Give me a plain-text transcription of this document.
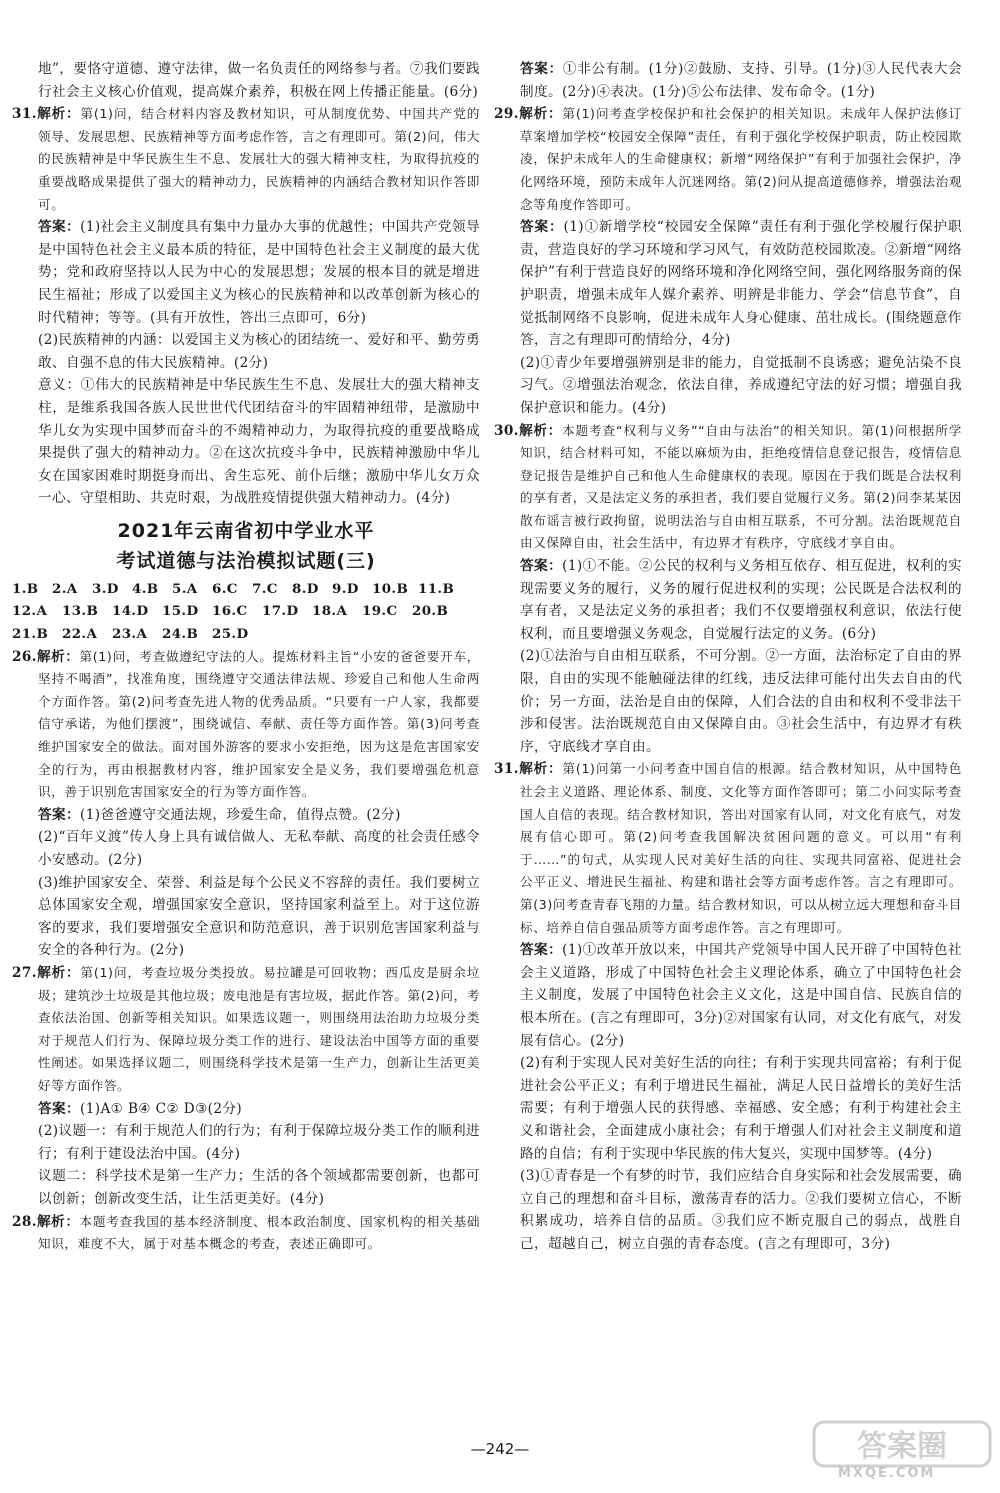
地”，要恪守道德、遵守法律，做一名负责任的网络参与者。⑦我们要践行社会主义核心价值观，提高媒介素养，积极在网上传播正能量。(6分)

31.解析：第(1)问，结合材料内容及教材知识，可从制度优势、中国共产党的领导、发展思想、民族精神等方面考虑作答，言之有理即可。第(2)问，伟大的民族精神是中华民族生生不息、发展壮大的强大精神支柱，为取得抗疫的重要战略成果提供了强大的精神动力，民族精神的内涵结合教材知识作答即可。

答案：(1)社会主义制度具有集中力量办大事的优越性；中国共产党领导是中国特色社会主义最本质的特征，是中国特色社会主义制度的最大优势；党和政府坚持以人民为中心的发展思想；发展的根本目的就是增进民生福祉；形成了以爱国主义为核心的民族精神和以改革创新为核心的时代精神；等等。(具有开放性，答出三点即可，6分)

(2)民族精神的内涵：以爱国主义为核心的团结统一、爱好和平、勤劳勇敢、自强不息的伟大民族精神。(2分)

意义：①伟大的民族精神是中华民族生生不息、发展壮大的强大精神支柱，是维系我国各族人民世世代代团结奋斗的牢固精神纽带，是激励中华儿女为实现中国梦而奋斗的不竭精神动力，为取得抗疫的重要战略成果提供了强大的精神动力。②在这次抗疫斗争中，民族精神激励中华儿女在国家困难时期挺身而出、舍生忘死、前仆后继；激励中华儿女万众一心、守望相助、共克时艰，为战胜疫情提供强大精神动力。(4分)

2021年云南省初中学业水平
考试道德与法治模拟试题(三)
1.B	2.A	3.D 4.B	5.A	6.C	7.C	8.D 9.D 10.B 11.B
12.A	13.B	14.D	15.D	16.C	17.D	18.A	19.C	20.B
21.B	22.A	23.A	24.B	25.D

26.解析：第(1)问，考查做遵纪守法的人。提炼材料主旨“小安的爸爸要开车，坚持不喝酒”，找准角度，围绕遵守交通法律法规、珍爱自己和他人生命两个方面作答。第(2)问考查先进人物的优秀品质。“只要有一户人家，我都要信守承诺，为他们摆渡”，围绕诚信、奉献、责任等方面作答。第(3)问考查维护国家安全的做法。面对国外游客的要求小安拒绝，因为这是危害国家安全的行为，再由根据教材内容，维护国家安全是义务，我们要增强危机意识，善于识别危害国家安全的行为等方面作答。

答案：(1)爸爸遵守交通法规，珍爱生命，值得点赞。(2分)

(2)“百年义渡”传人身上具有诚信做人、无私奉献、高度的社会责任感令小安感动。(2分)

(3)维护国家安全、荣誉、利益是每个公民义不容辞的责任。我们要树立总体国家安全观，增强国家安全意识，坚持国家利益至上。对于这位游客的要求，我们要增强安全意识和防范意识，善于识别危害国家利益与安全的各种行为。(2分)

27.解析：第(1)问，考查垃圾分类投放。易拉罐是可回收物；西瓜皮是厨余垃圾；建筑沙土垃圾是其他垃圾；废电池是有害垃圾，据此作答。第(2)问，考查依法治国、创新等相关知识。如果选议题一，则围绕用法治助力垃圾分类对于规范人们行为、保障垃圾分类工作的进行、建设法治中国等方面的重要性阐述。如果选择议题二，则围绕科学技术是第一生产力，创新让生活更美好等方面作答。

答案：(1)A① B④ C② D③(2分)

(2)议题一：有利于规范人们的行为；有利于保障垃圾分类工作的顺利进行；有利于建设法治中国。(4分)

议题二：科学技术是第一生产力；生活的各个领域都需要创新，也都可以创新；创新改变生活，让生活更美好。(4分)

28.解析：本题考查我国的基本经济制度、根本政治制度、国家机构的相关基础知识，难度不大，属于对基本概念的考查，表述正确即可。

答案：①非公有制。(1分)②鼓励、支持、引导。(1分)③人民代表大会制度。(2分)④表决。(1分)⑤公布法律、发布命令。(1分)

29.解析：第(1)问考查学校保护和社会保护的相关知识。未成年人保护法修订草案增加学校“校园安全保障”责任，有利于强化学校保护职责，防止校园欺凌，保护未成年人的生命健康权；新增“网络保护”有利于加强社会保护，净化网络环境，预防未成年人沉迷网络。第(2)问从提高道德修养，增强法治观念等角度作答即可。

答案：(1)①新增学校“校园安全保障”责任有利于强化学校履行保护职责，营造良好的学习环境和学习风气，有效防范校园欺凌。②新增“网络保护”有利于营造良好的网络环境和净化网络空间，强化网络服务商的保护职责，增强未成年人媒介素养、明辨是非能力、学会“信息节食”，自觉抵制网络不良影响，促进未成年人身心健康、茁壮成长。(围绕题意作答，言之有理即可酌情给分，4分)

(2)①青少年要增强辨别是非的能力，自觉抵制不良诱惑；避免沾染不良习气。②增强法治观念，依法自律，养成遵纪守法的好习惯；增强自我保护意识和能力。(4分)

30.解析：本题考查“权利与义务”“自由与法治”的相关知识。第(1)问根据所学知识，结合材料可知，不能以麻烦为由，拒绝疫情信息登记报告，疫情信息登记报告是维护自己和他人生命健康权的表现。原因在于我们既是合法权利的享有者，又是法定义务的承担者，我们要自觉履行义务。第(2)问李某某因散布谣言被行政拘留，说明法治与自由相互联系，不可分割。法治既规范自由又保障自由，社会生活中，有边界才有秩序，守底线才享自由。

答案：(1)①不能。②公民的权利与义务相互依存、相互促进，权利的实现需要义务的履行，义务的履行促进权利的实现；公民既是合法权利的享有者，又是法定义务的承担者；我们不仅要增强权利意识，依法行使权利，而且要增强义务观念，自觉履行法定的义务。(6分)

(2)①法治与自由相互联系，不可分割。②一方面，法治标定了自由的界限，自由的实现不能触碰法律的红线，违反法律可能付出失去自由的代价；另一方面，法治是自由的保障，人们合法的自由和权利不受非法干涉和侵害。法治既规范自由又保障自由。③社会生活中，有边界才有秩序，守底线才享自由。

31.解析：第(1)问第一小问考查中国自信的根源。结合教材知识，从中国特色社会主义道路、理论体系、制度、文化等方面作答即可；第二小问实际考查国人自信的表现。结合教材知识，答出对国家有认同，对文化有底气，对发展有信心即可。第(2)问考查我国解决贫困问题的意义。可以用“有利于……”的句式，从实现人民对美好生活的向往、实现共同富裕、促进社会公平正义、增进民生福祉、构建和谐社会等方面考虑作答。言之有理即可。第(3)问考查青春飞翔的力量。结合教材知识，可以从树立远大理想和奋斗目标、培养自信自强品质等方面考虑作答。言之有理即可。

答案：(1)①改革开放以来，中国共产党领导中国人民开辟了中国特色社会主义道路，形成了中国特色社会主义理论体系，确立了中国特色社会主义制度，发展了中国特色社会主义文化，这是中国自信、民族自信的根本所在。(言之有理即可，3分)②对国家有认同，对文化有底气，对发展有信心。(2分)

(2)有利于实现人民对美好生活的向往；有利于实现共同富裕；有利于促进社会公平正义；有利于增进民生福祉，满足人民日益增长的美好生活需要；有利于增强人民的获得感、幸福感、安全感；有利于构建社会主义和谐社会，全面建成小康社会；有利于增强人们对社会主义制度和道路的自信；有利于实现中华民族的伟大复兴，实现中国梦等。(4分)

(3)①青春是一个有梦的时节，我们应结合自身实际和社会发展需要，确立自己的理想和奋斗目标，激荡青春的活力。②我们要树立信心，不断积累成功，培养自信的品质。③我们应不断克服自己的弱点，战胜自己，超越自己，树立自强的青春态度。(言之有理即可，3分)

—242—	答案圈
MXQE.COM
